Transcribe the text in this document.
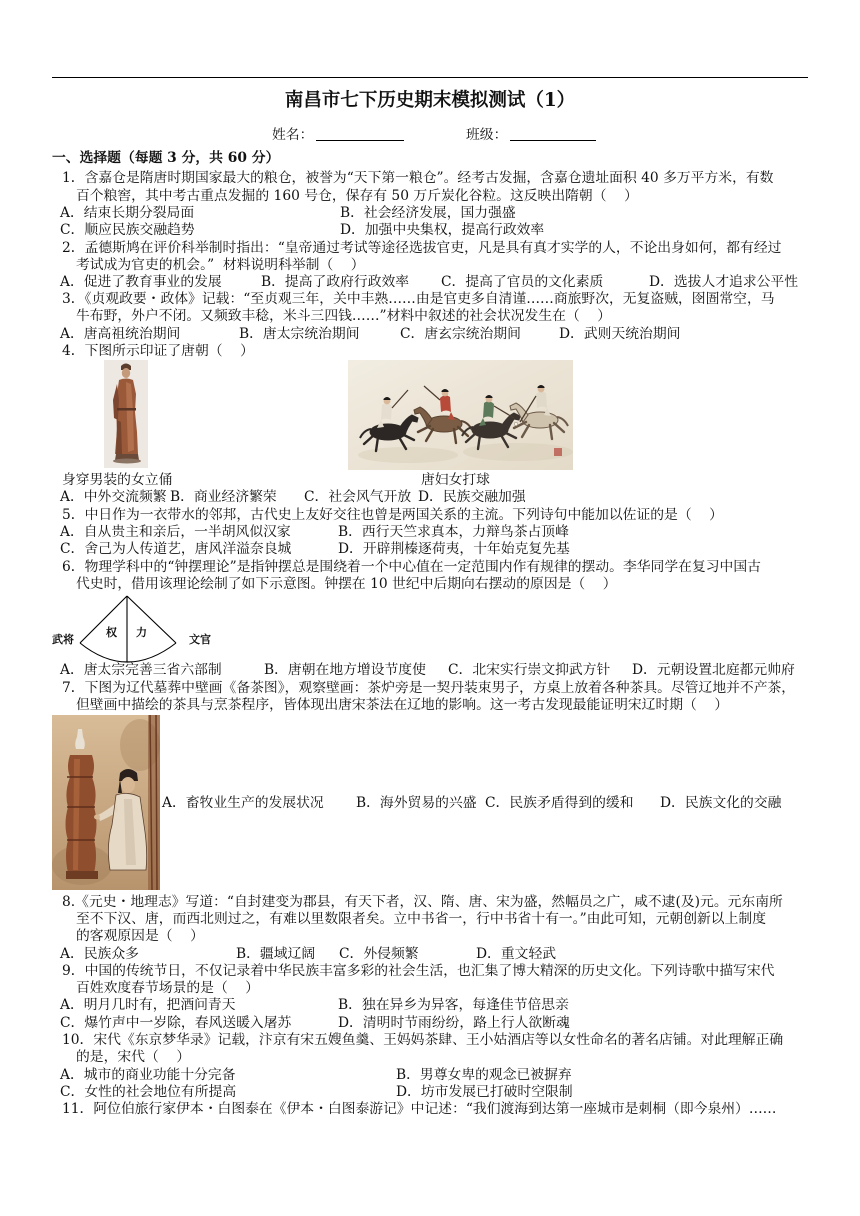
南昌市七下历史期末模拟测试（1）
姓名：	班级：
一、选择题（每题 3 分，共 60 分）
1．含嘉仓是隋唐时期国家最大的粮仓，被誉为“天下第一粮仓”。经考古发掘，含嘉仓遗址面积 40 多万平方米，有数
百个粮窖，其中考古重点发掘的 160 号仓，保存有 50 万斤炭化谷粒。这反映出隋朝（    ）
A．结束长期分裂局面	B．社会经济发展，国力强盛
C．顺应民族交融趋势	D．加强中央集权，提高行政效率
2．孟德斯鸠在评价科举制时指出：“皇帝通过考试等途径选拔官吏，凡是具有真才实学的人，不论出身如何，都有经过
考试成为官吏的机会。”  材料说明科举制（    ）
A．促进了教育事业的发展	B．提高了政府行政效率 C．提高了官员的文化素质	D．选拔人才追求公平性
3．《贞观政要・政体》记载：“至贞观三年，关中丰熟……由是官吏多自清谨……商旅野次，无复盗贼，囹圄常空，马
牛布野，外户不闭。又频致丰稔，米斗三四钱……”材料中叙述的社会状况发生在（    ）
A．唐高祖统治期间	B．唐太宗统治期间	C．唐玄宗统治期间	D．武则天统治期间
4．下图所示印证了唐朝（    ）
身穿男装的女立俑	唐妇女打球
A．中外交流频繁 B．商业经济繁荣 C．社会风气开放 D．民族交融加强
5．中日作为一衣带水的邻邦，古代史上友好交往也曾是两国关系的主流。下列诗句中能加以佐证的是（    ）
A．自从贵主和亲后，一半胡风似汉家	B．西行天竺求真本，力辩鸟茶占顶峰
C．舍己为人传道艺，唐风洋溢奈良城	D．开辟荆榛逐荷夷，十年始克复先基
6．物理学科中的“钟摆理论”是指钟摆总是围绕着一个中心值在一定范围内作有规律的摆动。李华同学在复习中国古
代史时，借用该理论绘制了如下示意图。钟摆在 10 世纪中后期向右摆动的原因是（    ）
武将
权 力
文官
A．唐太宗完善三省六部制	B．唐朝在地方增设节度使 C．北宋实行崇文抑武方针 D．元朝设置北庭都元帅府
7．下图为辽代墓葬中壁画《备茶图》，观察壁画：茶炉旁是一契丹装束男子，方桌上放着各种茶具。尽管辽地并不产茶，
但壁画中描绘的茶具与烹茶程序，皆体现出唐宋茶法在辽地的影响。这一考古发现最能证明宋辽时期（    ）
A．畜牧业生产的发展状况 B．海外贸易的兴盛 C．民族矛盾得到的缓和 D．民族文化的交融
8.《元史・地理志》写道：“自封建变为郡县，有天下者，汉、隋、唐、宋为盛，然幅员之广，咸不逮(及)元。元东南所
至不下汉、唐，而西北则过之，有难以里数限者矣。立中书省一，行中书省十有一。”由此可知，元朝创新以上制度
的客观原因是（    ）
A．民族众多	B．疆域辽阔 C．外侵频繁	D．重文轻武
9．中国的传统节日，不仅记录着中华民族丰富多彩的社会生活，也汇集了博大精深的历史文化。下列诗歌中描写宋代
百姓欢度春节场景的是（    ）
A．明月几时有，把酒问青天	B．独在异乡为异客，每逢佳节倍思亲
C．爆竹声中一岁除，春风送暖入屠苏	D．清明时节雨纷纷，路上行人欲断魂
10．宋代《东京梦华录》记载，汴京有宋五嫂鱼羹、王妈妈茶肆、王小姑酒店等以女性命名的著名店铺。对此理解正确
的是，宋代（    ）
A．城市的商业功能十分完备	B．男尊女卑的观念已被摒弃
C．女性的社会地位有所提高	D．坊市发展已打破时空限制
11．阿位伯旅行家伊本・白图泰在《伊本・白图泰游记》中记述：“我们渡海到达第一座城市是刺桐（即今泉州）……
